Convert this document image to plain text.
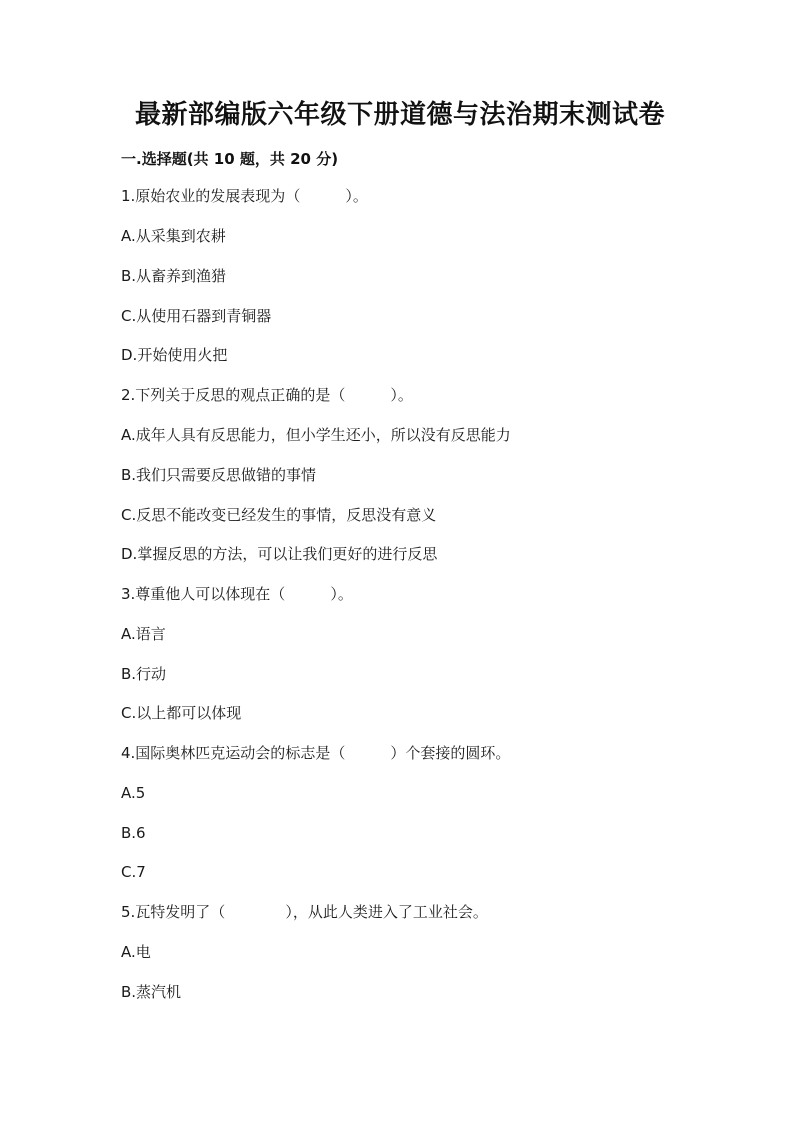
最新部编版六年级下册道德与法治期末测试卷
一.选择题(共 10 题，共 20 分)
1.原始农业的发展表现为（　　　）。
A.从采集到农耕
B.从畜养到渔猎
C.从使用石器到青铜器
D.开始使用火把
2.下列关于反思的观点正确的是（　　　）。
A.成年人具有反思能力，但小学生还小，所以没有反思能力
B.我们只需要反思做错的事情
C.反思不能改变已经发生的事情，反思没有意义
D.掌握反思的方法，可以让我们更好的进行反思
3.尊重他人可以体现在（　　　）。
A.语言
B.行动
C.以上都可以体现
4.国际奥林匹克运动会的标志是（　　　）个套接的圆环。
A.5
B.6
C.7
5.瓦特发明了（　　　　），从此人类进入了工业社会。
A.电
B.蒸汽机
